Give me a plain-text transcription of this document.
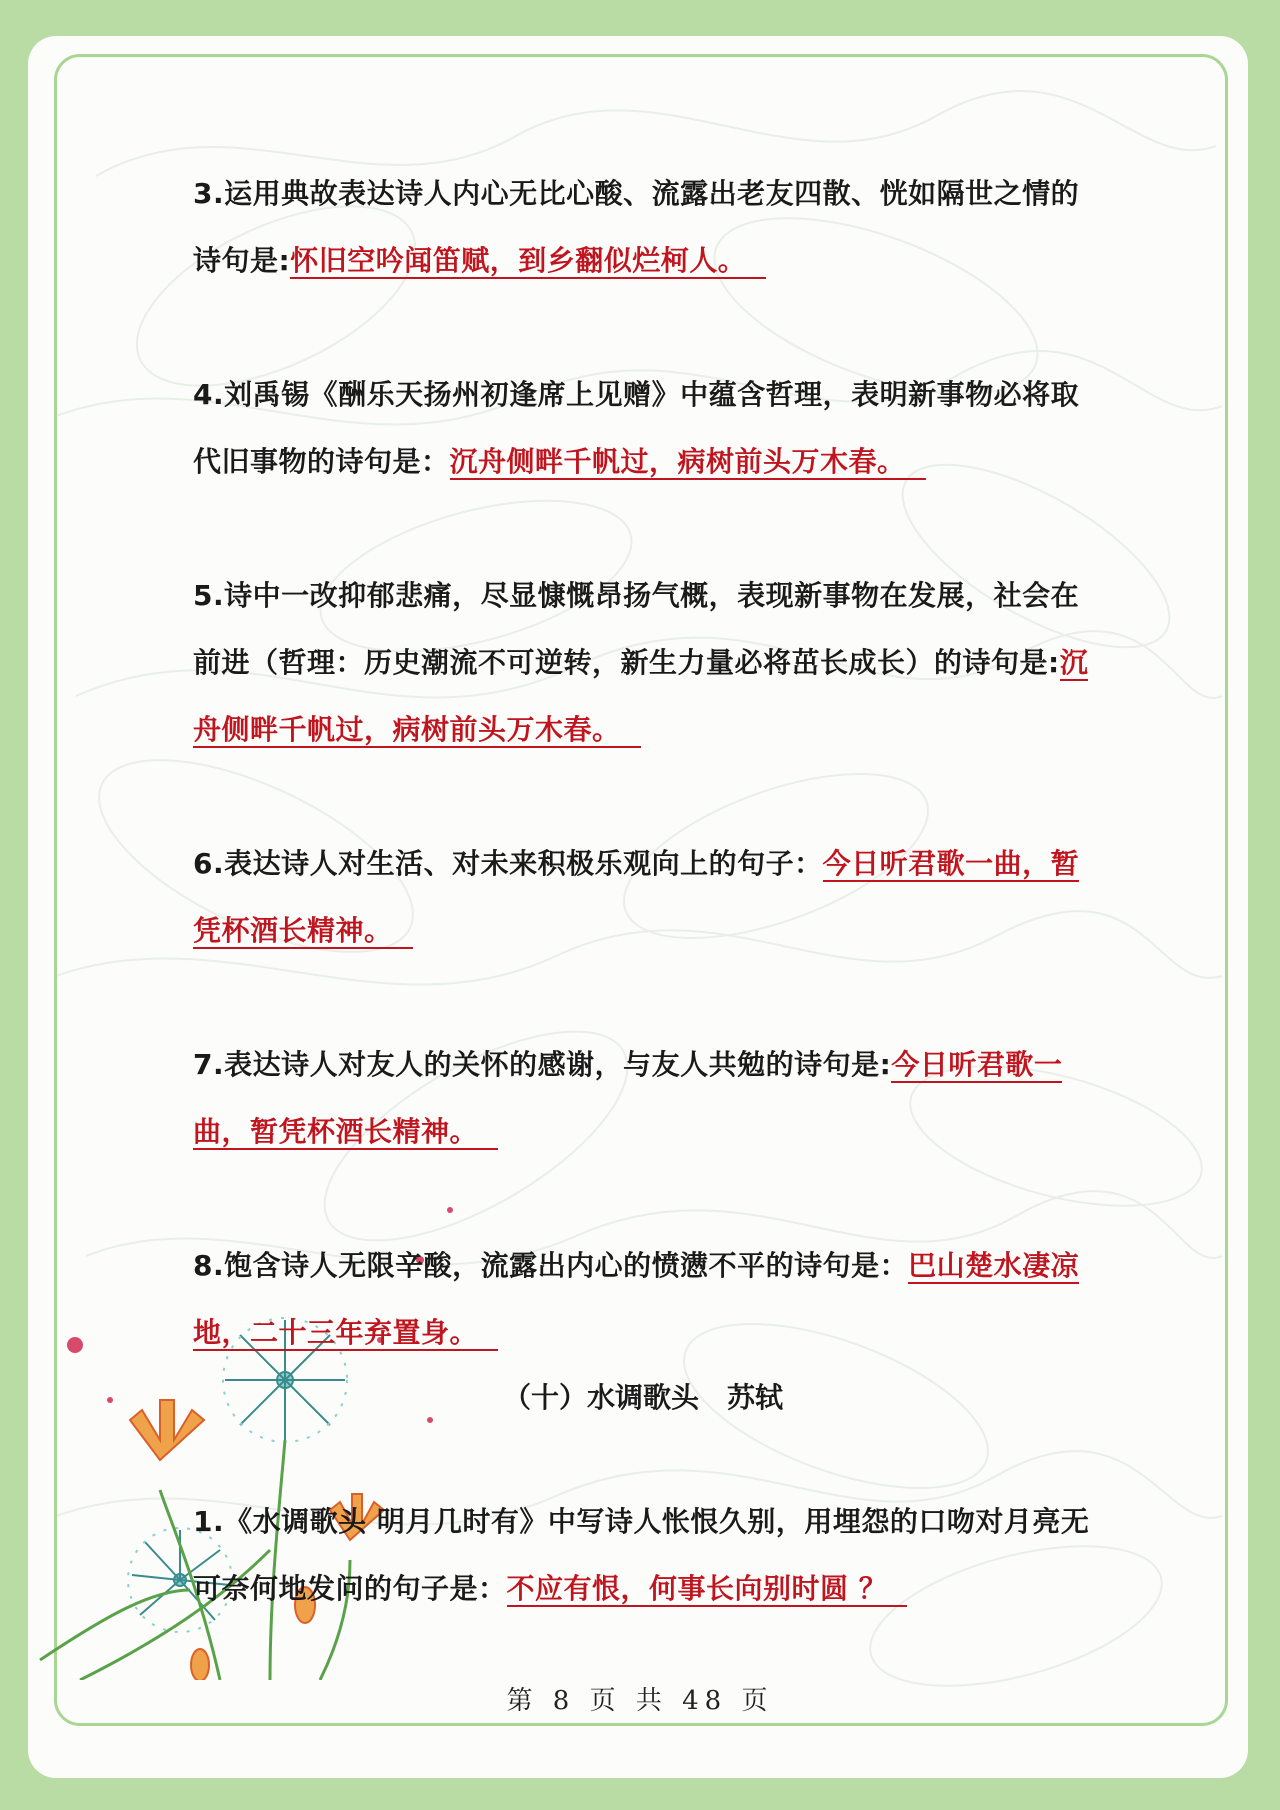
3.运用典故表达诗人内心无比心酸、流露出老友四散、恍如隔世之情的诗句是:怀旧空吟闻笛赋，到乡翻似烂柯人。

4.刘禹锡《酬乐天扬州初逢席上见赠》中蕴含哲理，表明新事物必将取代旧事物的诗句是：沉舟侧畔千帆过，病树前头万木春。

5.诗中一改抑郁悲痛，尽显慷慨昂扬气概，表现新事物在发展，社会在前进（哲理：历史潮流不可逆转，新生力量必将茁长成长）的诗句是:沉舟侧畔千帆过，病树前头万木春。

6.表达诗人对生活、对未来积极乐观向上的句子：今日听君歌一曲，暂凭杯酒长精神。

7.表达诗人对友人的关怀的感谢，与友人共勉的诗句是:今日听君歌一曲，暂凭杯酒长精神。

8.饱含诗人无限辛酸，流露出内心的愤懑不平的诗句是：巴山楚水凄凉地，二十三年弃置身。

（十）水调歌头　苏轼

1.《水调歌头 明月几时有》中写诗人怅恨久别，用埋怨的口吻对月亮无可奈何地发问的句子是：不应有恨，何事长向别时圆 ？

第 8 页 共 48 页
